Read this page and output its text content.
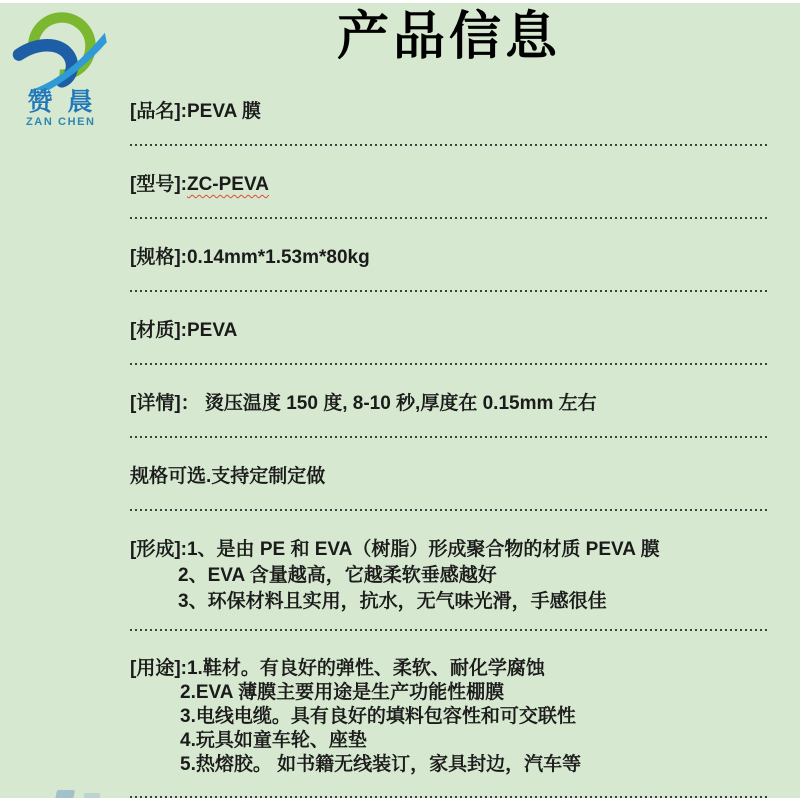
赞晨
ZAN CHEN
产品信息
[品名]:PEVA 膜
[型号]:ZC-PEVA
[规格]:0.14mm*1.53m*80kg
[材质]:PEVA
[详情]： 烫压温度 150 度, 8-10 秒,厚度在 0.15mm 左右
规格可选.支持定制定做
[形成]:1、是由 PE 和 EVA（树脂）形成聚合物的材质 PEVA 膜
2、EVA 含量越高，它越柔软垂感越好
3、环保材料且实用，抗水，无气味光滑，手感很佳
[用途]:1.鞋材。有良好的弹性、柔软、耐化学腐蚀
2.EVA 薄膜主要用途是生产功能性棚膜
3.电线电缆。具有良好的填料包容性和可交联性
4.玩具如童车轮、座垫
5.热熔胶。 如书籍无线装订，家具封边，汽车等
